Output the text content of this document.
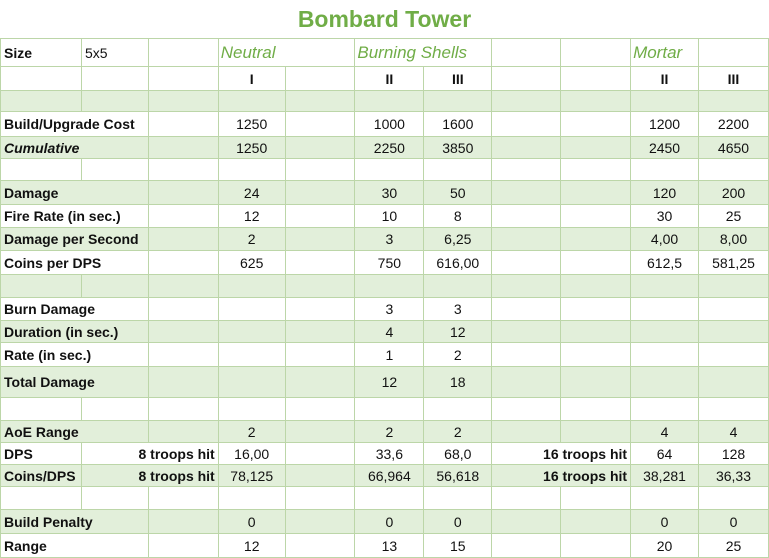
Bombard Tower
Size	5x5		Neutral		Burning Shells				Mortar	
			I		II	III			II	III

Build/Upgrade Cost			1250		1000	1600			1200	2200
Cumulative			1250		2250	3850			2450	4650

Damage			24		30	50			120	200
Fire Rate (in sec.)			12		10	8			30	25
Damage per Second			2		3	6,25			4,00	8,00
Coins per DPS			625		750	616,00			612,5	581,25

Burn Damage					3	3				
Duration (in sec.)					4	12				
Rate (in sec.)					1	2				
Total Damage					12	18				

AoE Range			2		2	2			4	4
DPS	8 troops hit		16,00		33,6	68,0	16 troops hit		64	128
Coins/DPS	8 troops hit		78,125		66,964	56,618	16 troops hit		38,281	36,33

Build Penalty			0		0	0			0	0
Range			12		13	15			20	25
